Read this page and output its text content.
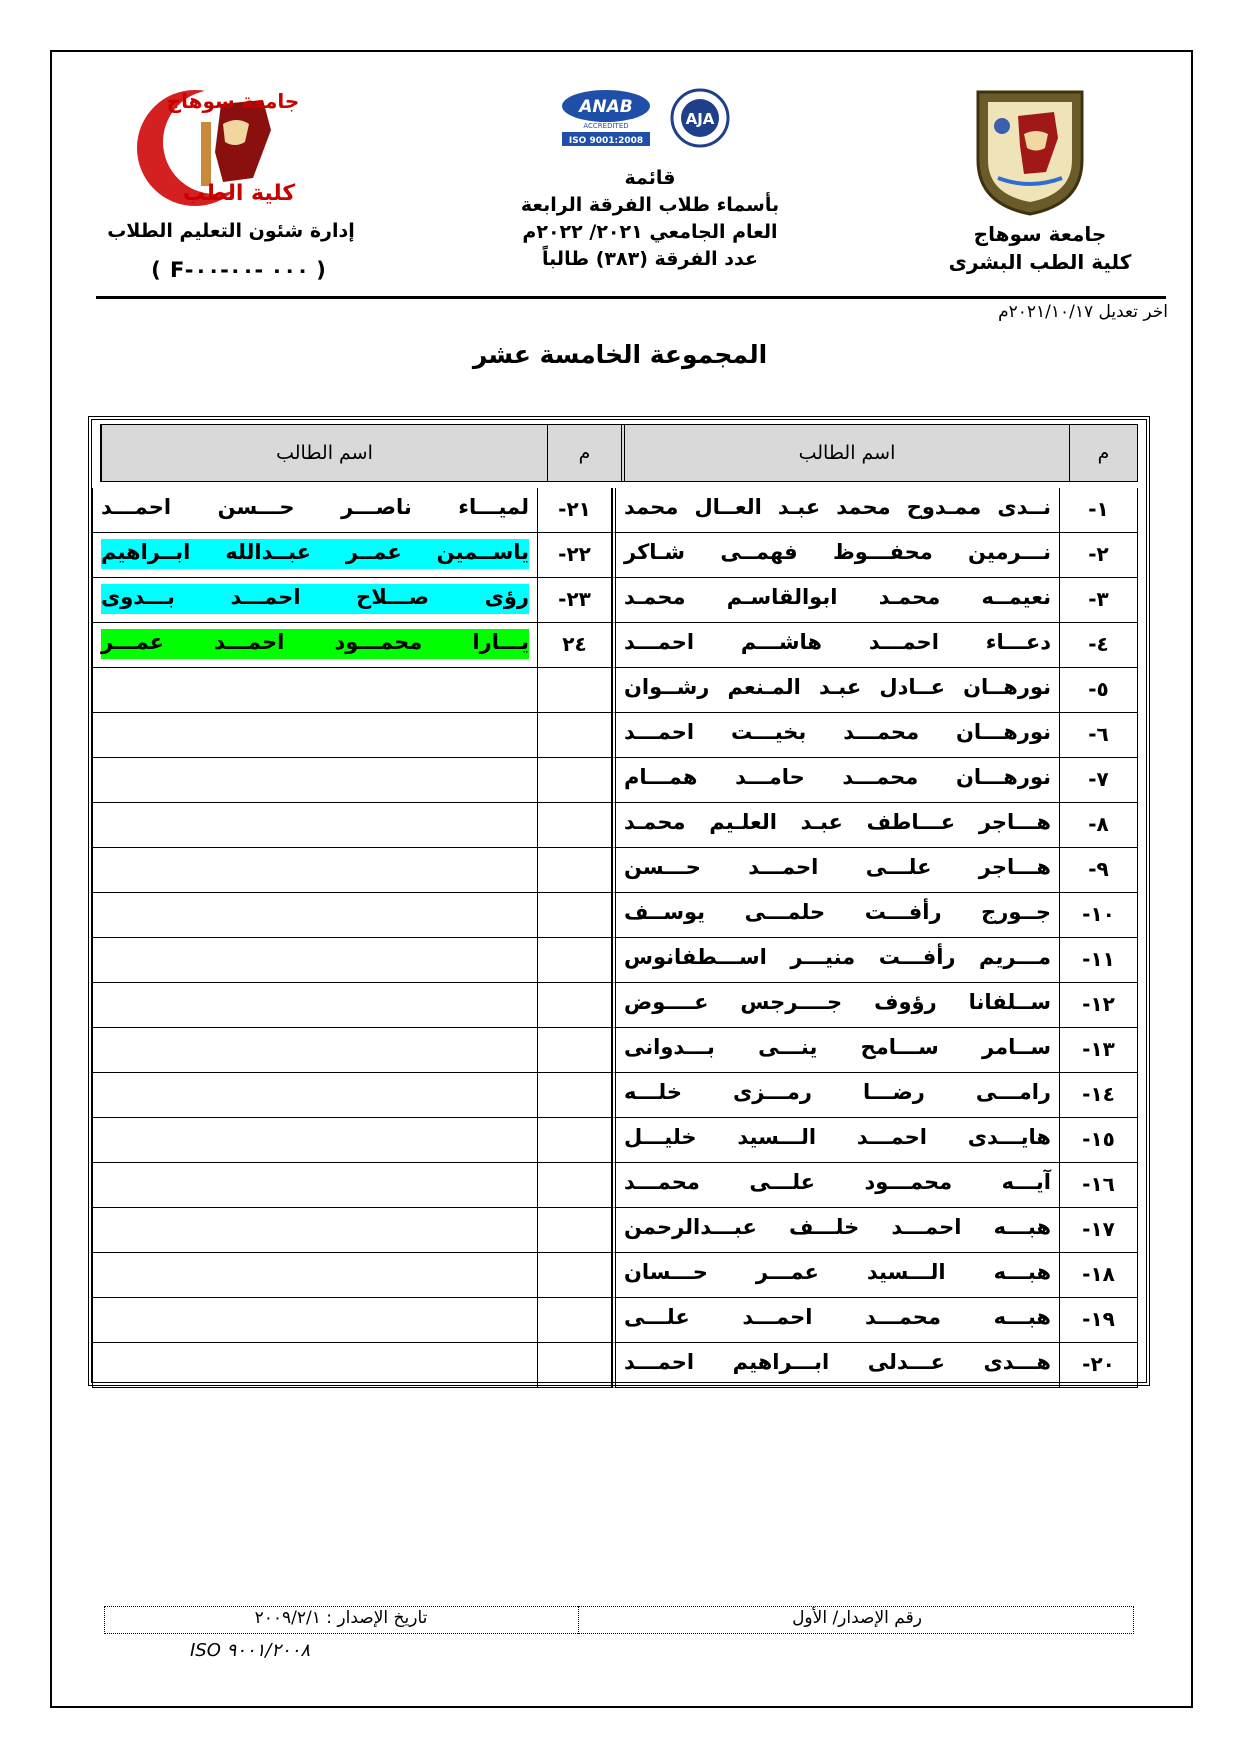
جامعة سوهاج
كلية الطب
ANAB
ACCREDITED
ISO 9001:2008
AJA
إدارة شئون التعليم الطلاب
( F-٠٠٠ -٠٠-٠٠ )
قائمة
بأسماء طلاب الفرقة الرابعة
العام الجامعي ٢٠٢١/ ٢٠٢٢م
عدد الفرقة (٣٨٣) طالباً
جامعة سوهاج
كلية الطب البشرى
اخر تعديل ٢٠٢١/١٠/١٧م
المجموعة الخامسة عشر
اسم الطالب	م	اسم الطالب	م
لميـــاء ناصـــر حـــسن احمـــد	٢١-	نــدى ممـدوح محمد عبـد العــال محمد	١-
ياســمين عمــر عبــدالله ابــراهيم	٢٢-	نـــرمين محفـــوظ فهمــى شـاكر	٢-
رؤى صـــلاح احمـــد بـــدوى	٢٣-	نعيمــه محمـد ابوالقاسـم محمـد	٣-
يـــارا محمـــود احمـــد عمـــر	٢٤	دعـــاء احمـــد هاشـــم احمـــد	٤-
نورهــان عــادل عبـد المـنعم رشــوان	٥-
نورهـــان محمـــد بخيـــت احمـــد	٦-
نورهـــان محمـــد حامـــد همـــام	٧-
هـــاجر عـــاطف عبـد العلـيم محمـد	٨-
هـــاجر علـــى احمـــد حـــسن	٩-
جــورج رأفـــت حلمـــى يوســف	١٠-
مـــريم رأفـــت منيـــر اســـطفانوس	١١-
ســلفانا رؤوف جــــرجس عــــوض	١٢-
ســامر ســـامح ينـــى بـــدوانى	١٣-
رامـــى رضـــا رمـــزى خلـــه	١٤-
هايـــدى احمـــد الـــسيد خليـــل	١٥-
آيـــه محمـــود علـــى محمـــد	١٦-
هبـــه احمـــد خلـــف عبـــدالرحمن	١٧-
هبـــه الـــسيد عمـــر حـــسان	١٨-
هبـــه محمـــد احمـــد علـــى	١٩-
هـــدى عـــدلى ابـــراهيم احمـــد	٢٠-
تاريخ الإصدار : ٢٠٠٩/٢/١	رقم الإصدار/ الأول
ISO ٩٠٠١/٢٠٠٨
